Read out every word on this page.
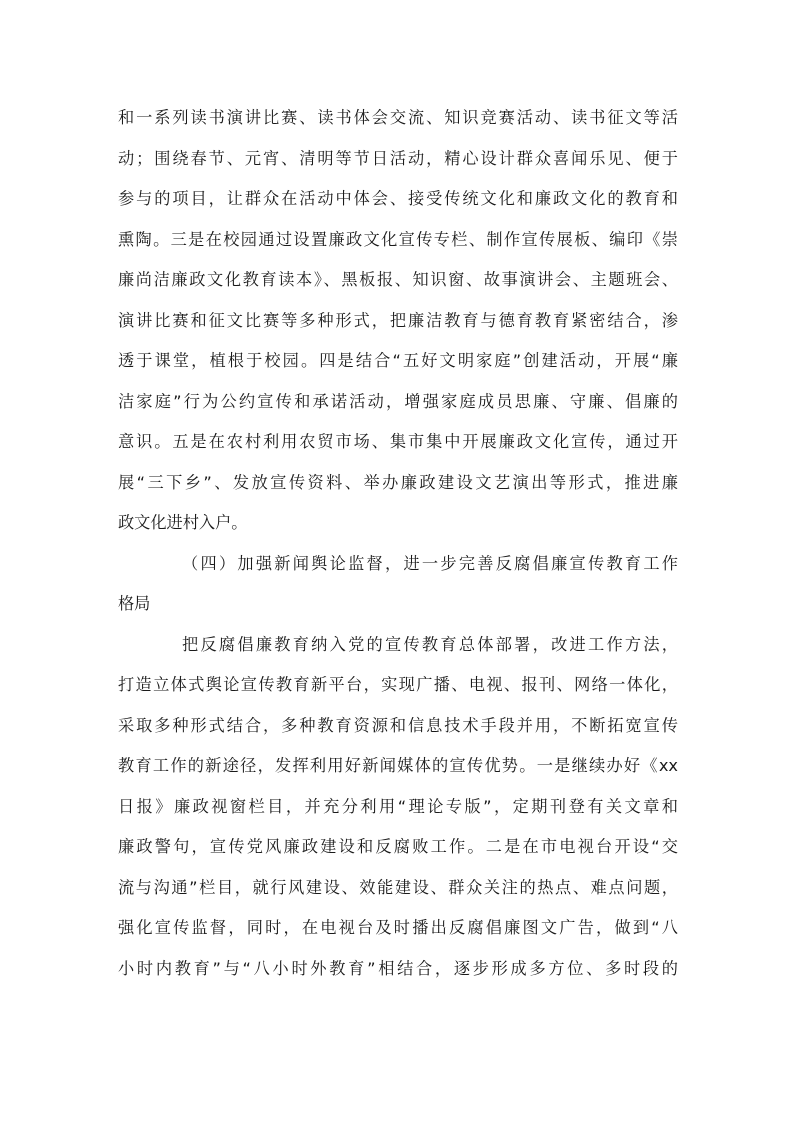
和一系列读书演讲比赛、读书体会交流、知识竞赛活动、读书征文等活
动；围绕春节、元宵、清明等节日活动，精心设计群众喜闻乐见、便于
参与的项目，让群众在活动中体会、接受传统文化和廉政文化的教育和
熏陶。三是在校园通过设置廉政文化宣传专栏、制作宣传展板、编印《崇
廉尚洁廉政文化教育读本》、黑板报、知识窗、故事演讲会、主题班会、
演讲比赛和征文比赛等多种形式，把廉洁教育与德育教育紧密结合，渗
透于课堂，植根于校园。四是结合“五好文明家庭”创建活动，开展“廉
洁家庭”行为公约宣传和承诺活动，增强家庭成员思廉、守廉、倡廉的
意识。五是在农村利用农贸市场、集市集中开展廉政文化宣传，通过开
展“三下乡”、发放宣传资料、举办廉政建设文艺演出等形式，推进廉
政文化进村入户。
（四）加强新闻舆论监督，进一步完善反腐倡廉宣传教育工作
格局
把反腐倡廉教育纳入党的宣传教育总体部署，改进工作方法，
打造立体式舆论宣传教育新平台，实现广播、电视、报刊、网络一体化，
采取多种形式结合，多种教育资源和信息技术手段并用，不断拓宽宣传
教育工作的新途径，发挥利用好新闻媒体的宣传优势。一是继续办好《xx
日报》廉政视窗栏目，并充分利用“理论专版”，定期刊登有关文章和
廉政警句，宣传党风廉政建设和反腐败工作。二是在市电视台开设“交
流与沟通”栏目，就行风建设、效能建设、群众关注的热点、难点问题，
强化宣传监督，同时，在电视台及时播出反腐倡廉图文广告，做到“八
小时内教育”与“八小时外教育”相结合，逐步形成多方位、多时段的
